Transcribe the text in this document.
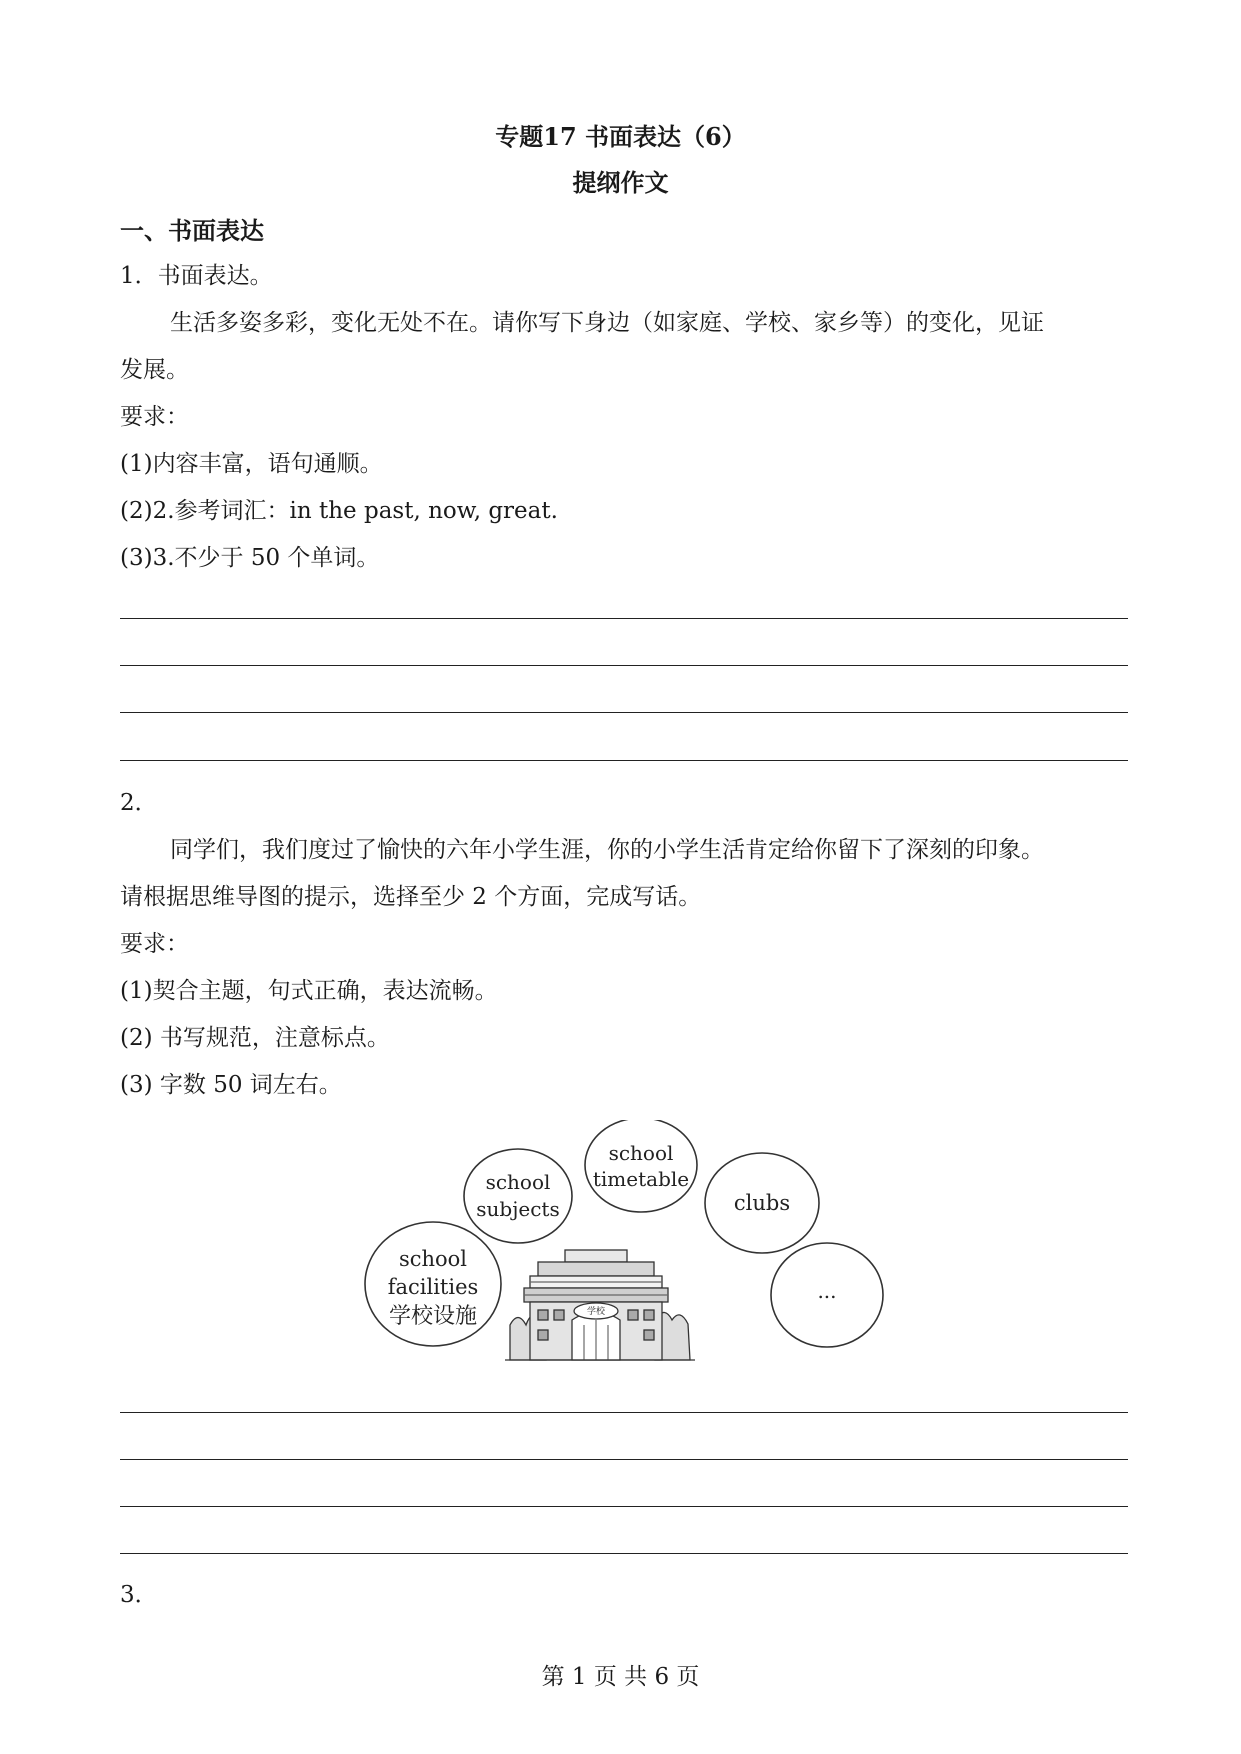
专题17 书面表达（6）
提纲作文
一、书面表达
1．书面表达。
生活多姿多彩，变化无处不在。请你写下身边（如家庭、学校、家乡等）的变化，见证
发展。
要求：
(1)内容丰富，语句通顺。
(2)2.参考词汇：in the past, now, great.
(3)3.不少于 50 个单词。
2．
同学们，我们度过了愉快的六年小学生涯，你的小学生活肯定给你留下了深刻的印象。
请根据思维导图的提示，选择至少 2 个方面，完成写话。
要求：
(1)契合主题，句式正确，表达流畅。
(2) 书写规范，注意标点。
(3) 字数 50 词左右。
school
facilities
学校设施
school
subjects
school
timetable
clubs
...
学校
3．
第 1 页 共 6 页
